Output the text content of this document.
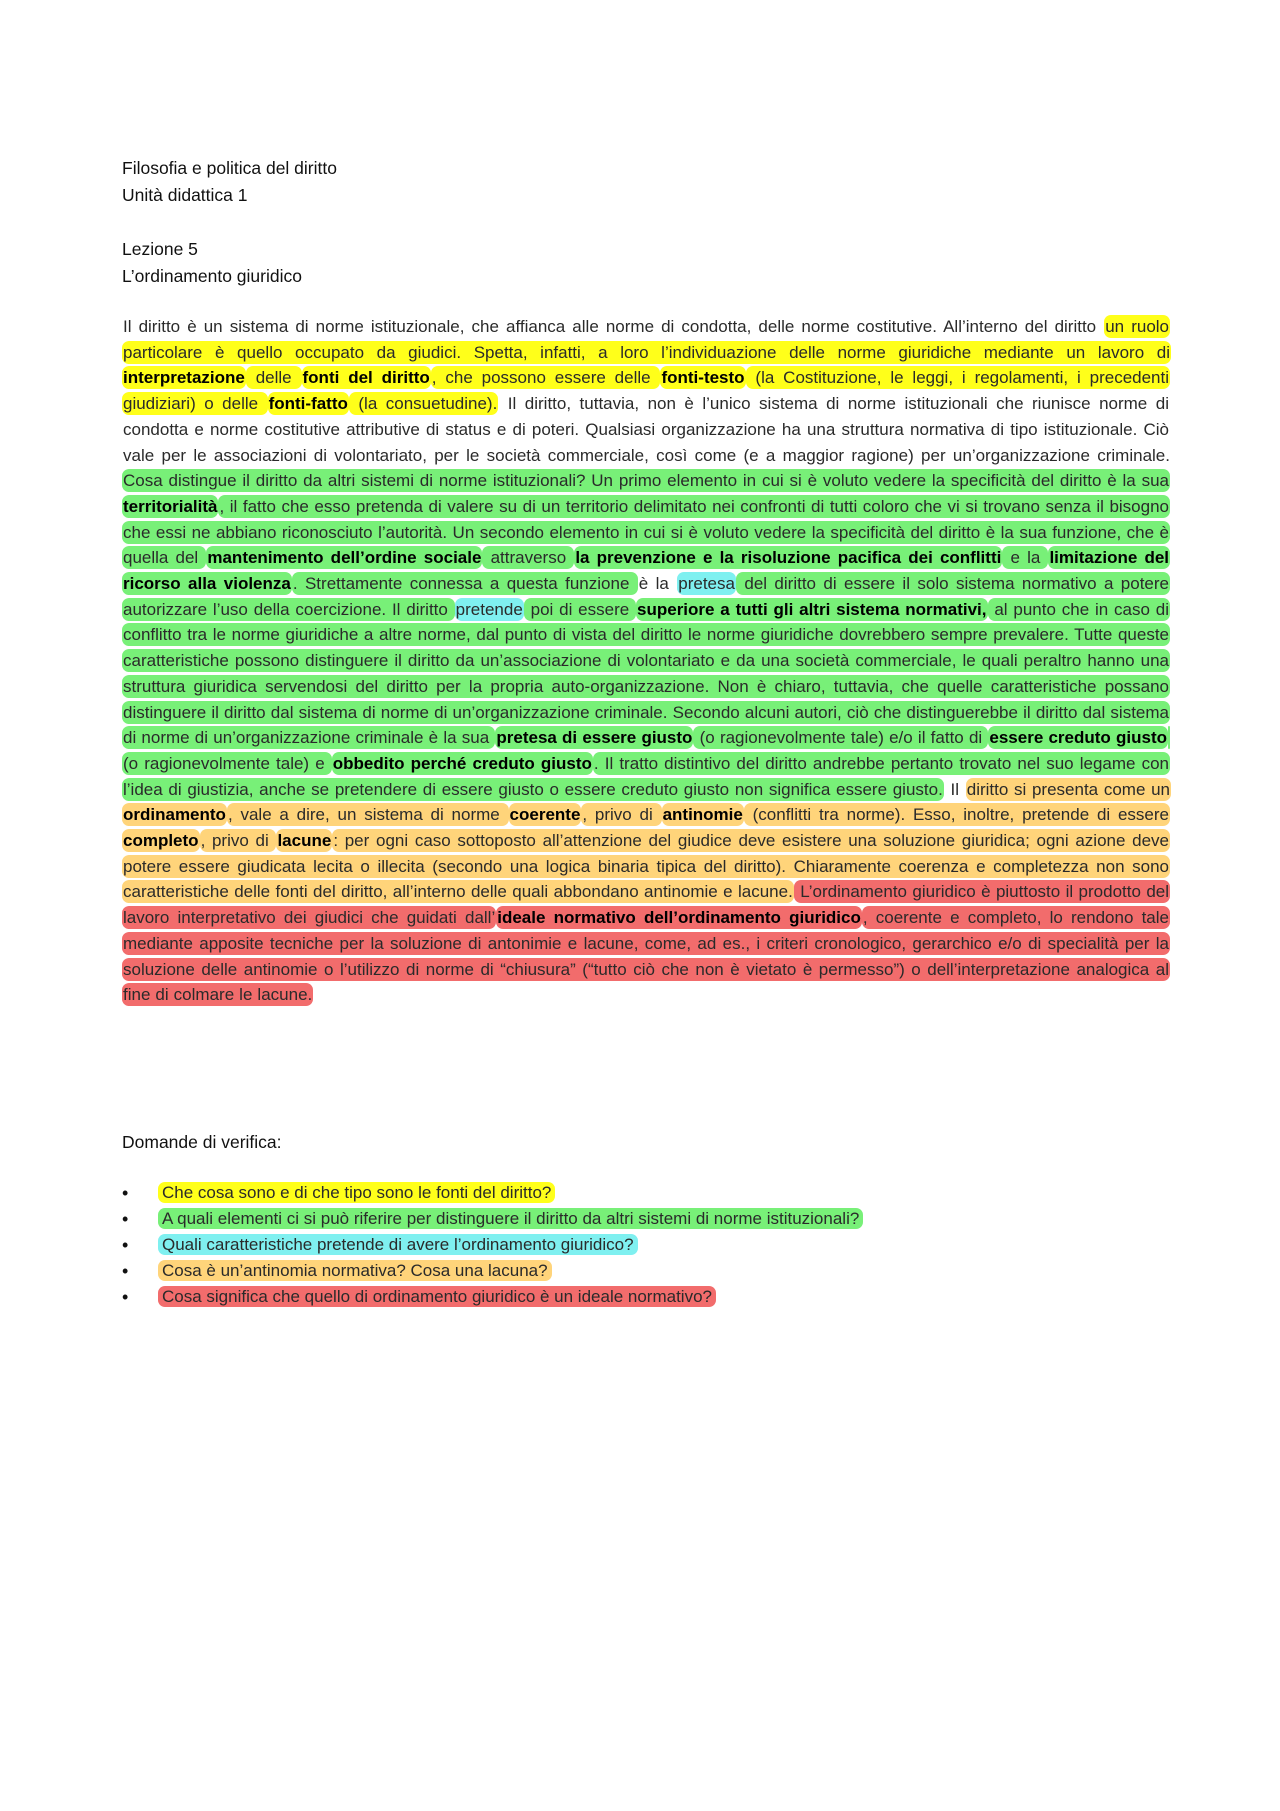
Filosofia e politica del diritto
Unità didattica 1
Lezione 5
L’ordinamento giuridico
Il diritto è un sistema di norme istituzionale, che affianca alle norme di condotta, delle norme costitutive. All’interno del diritto un ruolo particolare è quello occupato da giudici. Spetta, infatti, a loro l’individuazione delle norme giuridiche mediante un lavoro di interpretazione delle fonti del diritto , che possono essere delle fonti-testo (la Costituzione, le leggi, i regolamenti, i precedenti giudiziari) o delle fonti-fatto (la consuetudine). Il diritto, tuttavia, non è l’unico sistema di norme istituzionali che riunisce norme di condotta e norme costitutive attributive di status e di poteri. Qualsiasi organizzazione ha una struttura normativa di tipo istituzionale. Ciò vale per le associazioni di volontariato, per le società commerciale, così come (e a maggior ragione) per un’organizzazione criminale. Cosa distingue il diritto da altri sistemi di norme istituzionali? Un primo elemento in cui si è voluto vedere la specificità del diritto è la sua territorialità , il fatto che esso pretenda di valere su di un territorio delimitato nei confronti di tutti coloro che vi si trovano senza il bisogno che essi ne abbiano riconosciuto l’autorità. Un secondo elemento in cui si è voluto vedere la specificità del diritto è la sua funzione, che è quella del mantenimento dell’ordine sociale attraverso la prevenzione e la risoluzione pacifica dei conflitti e la limitazione del ricorso alla violenza . Strettamente connessa a questa funzione è la pretesa del diritto di essere il solo sistema normativo a potere autorizzare l’uso della coercizione. Il diritto pretende poi di essere superiore a tutti gli altri sistema normativi, al punto che in caso di conflitto tra le norme giuridiche a altre norme, dal punto di vista del diritto le norme giuridiche dovrebbero sempre prevalere. Tutte queste caratteristiche possono distinguere il diritto da un’associazione di volontariato e da una società commerciale, le quali peraltro hanno una struttura giuridica servendosi del diritto per la propria auto-organizzazione. Non è chiaro, tuttavia, che quelle caratteristiche possano distinguere il diritto dal sistema di norme di un’organizzazione criminale. Secondo alcuni autori, ciò che distinguerebbe il diritto dal sistema di norme di un’organizzazione criminale è la sua pretesa di essere giusto (o ragionevolmente tale) e/o il fatto di essere creduto giusto (o ragionevolmente tale) e obbedito perché creduto giusto . Il tratto distintivo del diritto andrebbe pertanto trovato nel suo legame con l’idea di giustizia, anche se pretendere di essere giusto o essere creduto giusto non significa essere giusto. Il diritto si presenta come un ordinamento , vale a dire, un sistema di norme coerente , privo di antinomie (conflitti tra norme). Esso, inoltre, pretende di essere completo , privo di lacune : per ogni caso sottoposto all’attenzione del giudice deve esistere una soluzione giuridica; ogni azione deve potere essere giudicata lecita o illecita (secondo una logica binaria tipica del diritto). Chiaramente coerenza e completezza non sono caratteristiche delle fonti del diritto, all’interno delle quali abbondano antinomie e lacune. L’ordinamento giuridico è piuttosto il prodotto del lavoro interpretativo dei giudici che guidati dall’ ideale normativo dell’ordinamento giuridico , coerente e completo, lo rendono tale mediante apposite tecniche per la soluzione di antonimie e lacune, come, ad es., i criteri cronologico, gerarchico e/o di specialità per la soluzione delle antinomie o l’utilizzo di norme di “chiusura” (“tutto ciò che non è vietato è permesso”) o dell’interpretazione analogica al fine di colmare le lacune.
Domande di verifica:
• Che cosa sono e di che tipo sono le fonti del diritto?
• A quali elementi ci si può riferire per distinguere il diritto da altri sistemi di norme istituzionali?
• Quali caratteristiche pretende di avere l’ordinamento giuridico?
• Cosa è un’antinomia normativa? Cosa una lacuna?
• Cosa significa che quello di ordinamento giuridico è un ideale normativo?
